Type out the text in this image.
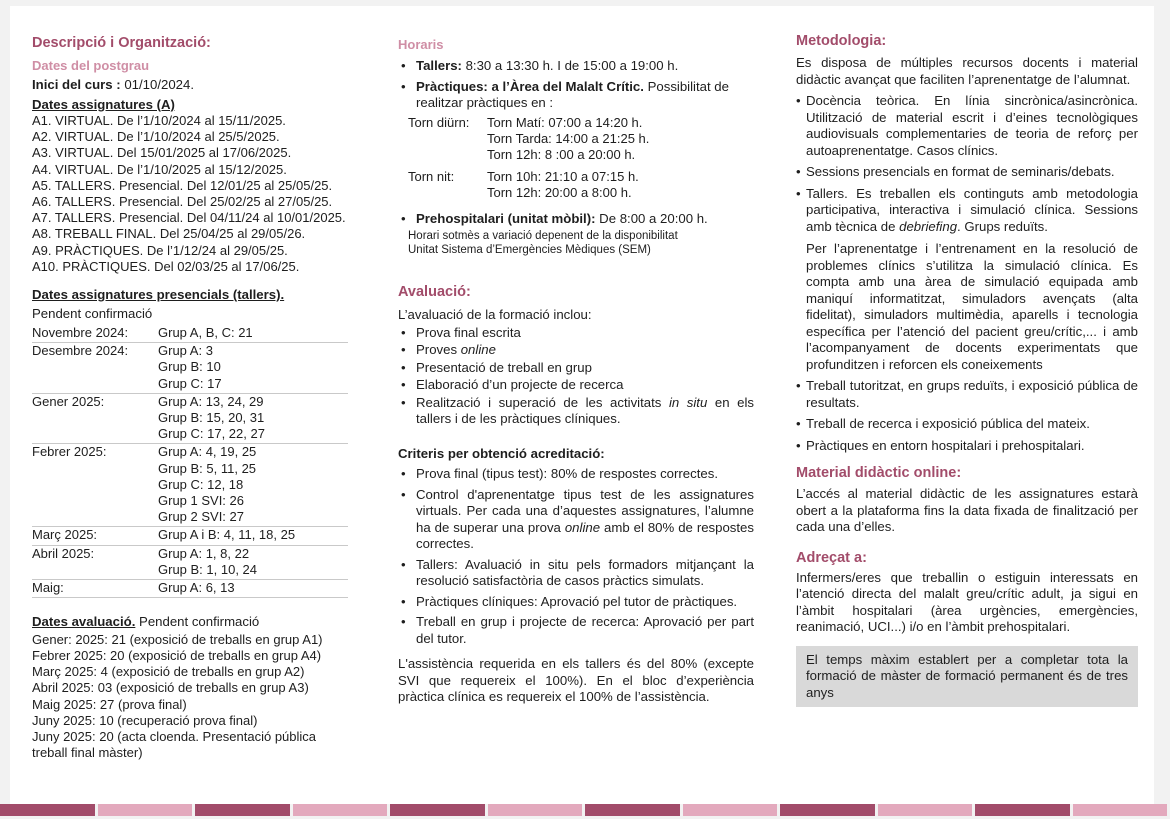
Descripció i Organització:

Dates del postgrau

Inici del curs : 01/10/2024.

Dates assignatures (A)

A1. VIRTUAL. De l’1/10/2024 al 15/11/2025.
A2. VIRTUAL. De l’1/10/2024 al 25/5/2025.
A3. VIRTUAL. Del 15/01/2025 al 17/06/2025.
A4. VIRTUAL. De l’1/10/2025 al 15/12/2025.
A5. TALLERS. Presencial. Del 12/01/25 al 25/05/25.
A6. TALLERS. Presencial. Del 25/02/25 al 27/05/25.
A7. TALLERS. Presencial. Del 04/11/24 al 10/01/2025.
A8. TREBALL FINAL. Del 25/04/25 al 29/05/26.
A9. PRÀCTIQUES. De l’1/12/24 al 29/05/25.
A10. PRÀCTIQUES. Del 02/03/25 al 17/06/25.

Dates assignatures presencials (tallers).

Pendent confirmació

Novembre 2024:	Grup A, B, C: 21

Desembre 2024:	Grup A: 3
Grup B: 10
Grup C: 17

Gener 2025:	Grup A: 13, 24, 29
Grup B: 15, 20, 31
Grup C: 17, 22, 27

Febrer 2025:	Grup A: 4, 19, 25
Grup B: 5, 11, 25
Grup C: 12, 18
Grup 1 SVI: 26
Grup 2 SVI: 27

Març 2025:	Grup A i B: 4, 11, 18, 25

Abril 2025:	Grup A: 1, 8, 22
Grup B: 1, 10, 24

Maig:	Grup A: 6, 13

Dates avaluació. Pendent confirmació

Gener: 2025: 21 (exposició de treballs en grup A1)
Febrer 2025: 20 (exposició de treballs en grup A4)
Març 2025: 4 (exposició de treballs en grup A2)
Abril 2025: 03 (exposició de treballs en grup A3)
Maig 2025: 27 (prova final)
Juny 2025: 10 (recuperació prova final)
Juny 2025: 20 (acta cloenda. Presentació pública
treball final màster)

Horaris

• Tallers: 8:30 a 13:30 h. I de 15:00 a 19:00 h.
• Pràctiques: a l’Àrea del Malalt Crític. Possibilitat de realitzar pràctiques en :
Torn diürn:	Torn Matí: 07:00 a 14:20 h.
Torn Tarda: 14:00 a 21:25 h.
Torn 12h: 8 :00 a 20:00 h.
Torn nit:	Torn 10h: 21:10 a 07:15 h.
Torn 12h: 20:00 a 8:00 h.
• Prehospitalari (unitat mòbil): De 8:00 a 20:00 h.
Horari sotmès a variació depenent de la disponibilitat
Unitat Sistema d’Emergències Mèdiques (SEM)

Avaluació:

L’avaluació de la formació inclou:

• Prova final escrita
• Proves online
• Presentació de treball en grup
• Elaboració d’un projecte de recerca
• Realització i superació de les activitats in situ en els tallers i de les pràctiques clíniques.

Criteris per obtenció acreditació:

• Prova final (tipus test): 80% de respostes correctes.
• Control d'aprenentatge tipus test de les assignatures virtuals. Per cada una d’aquestes assignatures, l’alumne ha de superar una prova online amb el 80% de respostes correctes.
• Tallers: Avaluació in situ pels formadors mitjançant la resolució satisfactòria de casos pràctics simulats.
• Pràctiques clíniques: Aprovació pel tutor de pràctiques.
• Treball en grup i projecte de recerca: Aprovació per part del tutor.

L'assistència requerida en els tallers és del 80% (excepte SVI que requereix el 100%). En el bloc d’experiència pràctica clínica es requereix el 100% de l’assistència.

Metodologia:

Es disposa de múltiples recursos docents i material didàctic avançat que faciliten l’aprenentatge de l’alumnat.

• Docència teòrica. En línia sincrònica/asincrònica. Utilització de material escrit i d’eines tecnològiques audiovisuals complementaries de teoria de reforç per autoaprenentatge. Casos clínics.
• Sessions presencials en format de seminaris/debats.
• Tallers. Es treballen els continguts amb metodologia participativa, interactiva i simulació clínica. Sessions amb tècnica de debriefing. Grups reduïts.

Per l’aprenentatge i l’entrenament en la resolució de problemes clínics s’utilitza la simulació clínica. Es compta amb una àrea de simulació equipada amb maniquí informatitzat, simuladors avençats (alta fidelitat), simuladors multimèdia, aparells i tecnologia específica per l’atenció del pacient greu/crític,... i amb l’acompanyament de docents experimentats que profunditzen i reforcen els coneixements

• Treball tutoritzat, en grups reduïts, i exposició pública de resultats.
• Treball de recerca i exposició pública del mateix.
• Pràctiques en entorn hospitalari i prehospitalari.

Material didàctic online:

L’accés al material didàctic de les assignatures estarà obert a la plataforma fins la data fixada de finalització per cada una d’elles.

Adreçat a:

Infermers/eres que treballin o estiguin interessats en l’atenció directa del malalt greu/crític adult, ja sigui en l’àmbit hospitalari (àrea urgències, emergències, reanimació, UCI...) i/o en l’àmbit prehospitalari.

El temps màxim establert per a completar tota la formació de màster de formació permanent és de tres anys
